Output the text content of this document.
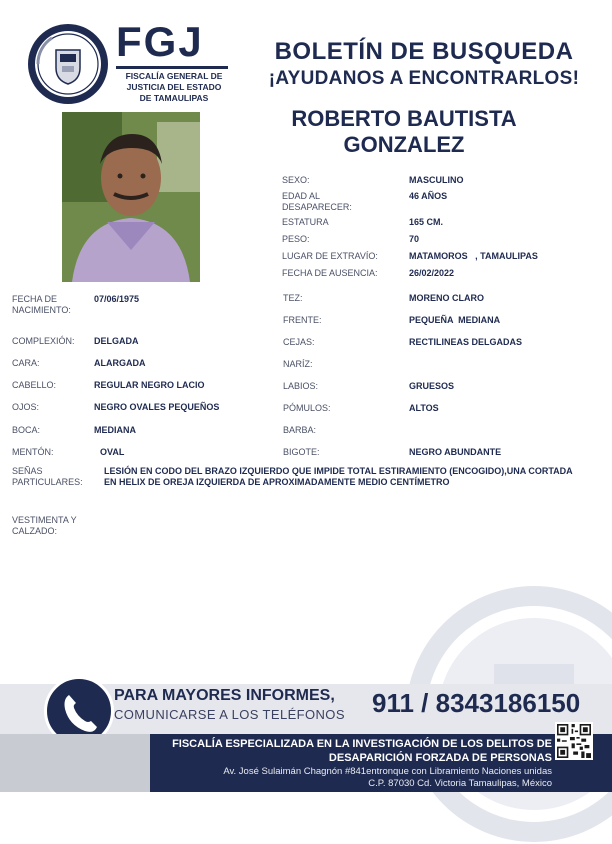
FGJ
FISCALÍA GENERAL DE
JUSTICIA DEL ESTADO
DE TAMAULIPAS
BOLETÍN DE BUSQUEDA
¡AYUDANOS A ENCONTRARLOS!
ROBERTO BAUTISTA
GONZALEZ
SEXO:	MASCULINO
EDAD AL
DESAPARECER:
46 AÑOS
ESTATURA	165 CM.
PESO:	70
LUGAR DE EXTRAVÍO:	MATAMOROS   , TAMAULIPAS
FECHA DE AUSENCIA:	26/02/2022
FECHA DE
NACIMIENTO:
07/06/1975
COMPLEXIÓN:	DELGADA
CARA:	ALARGADA
CABELLO:	REGULAR NEGRO LACIO
OJOS:	NEGRO OVALES PEQUEÑOS
BOCA:	MEDIANA
MENTÓN:	OVAL
TEZ:	MORENO CLARO
FRENTE:	PEQUEÑA  MEDIANA
CEJAS:	RECTILINEAS DELGADAS
NARÍZ:
LABIOS:	GRUESOS
PÓMULOS:	ALTOS
BARBA:
BIGOTE:	NEGRO ABUNDANTE
SEÑAS
PARTICULARES:
LESIÓN EN CODO DEL BRAZO IZQUIERDO QUE IMPIDE TOTAL ESTIRAMIENTO (ENCOGIDO),UNA CORTADA EN HELIX DE OREJA IZQUIERDA DE APROXIMADAMENTE MEDIO CENTÍMETRO
VESTIMENTA Y
CALZADO:
PARA MAYORES INFORMES,
COMUNICARSE A LOS TELÉFONOS 911 / 8343186150
FISCALÍA ESPECIALIZADA EN LA INVESTIGACIÓN DE LOS DELITOS DE
DESAPARICIÓN FORZADA DE PERSONAS
Av. José Sulaimán Chagnón #841entronque con Libramiento Naciones unidas
C.P. 87030 Cd. Victoria Tamaulipas, México
